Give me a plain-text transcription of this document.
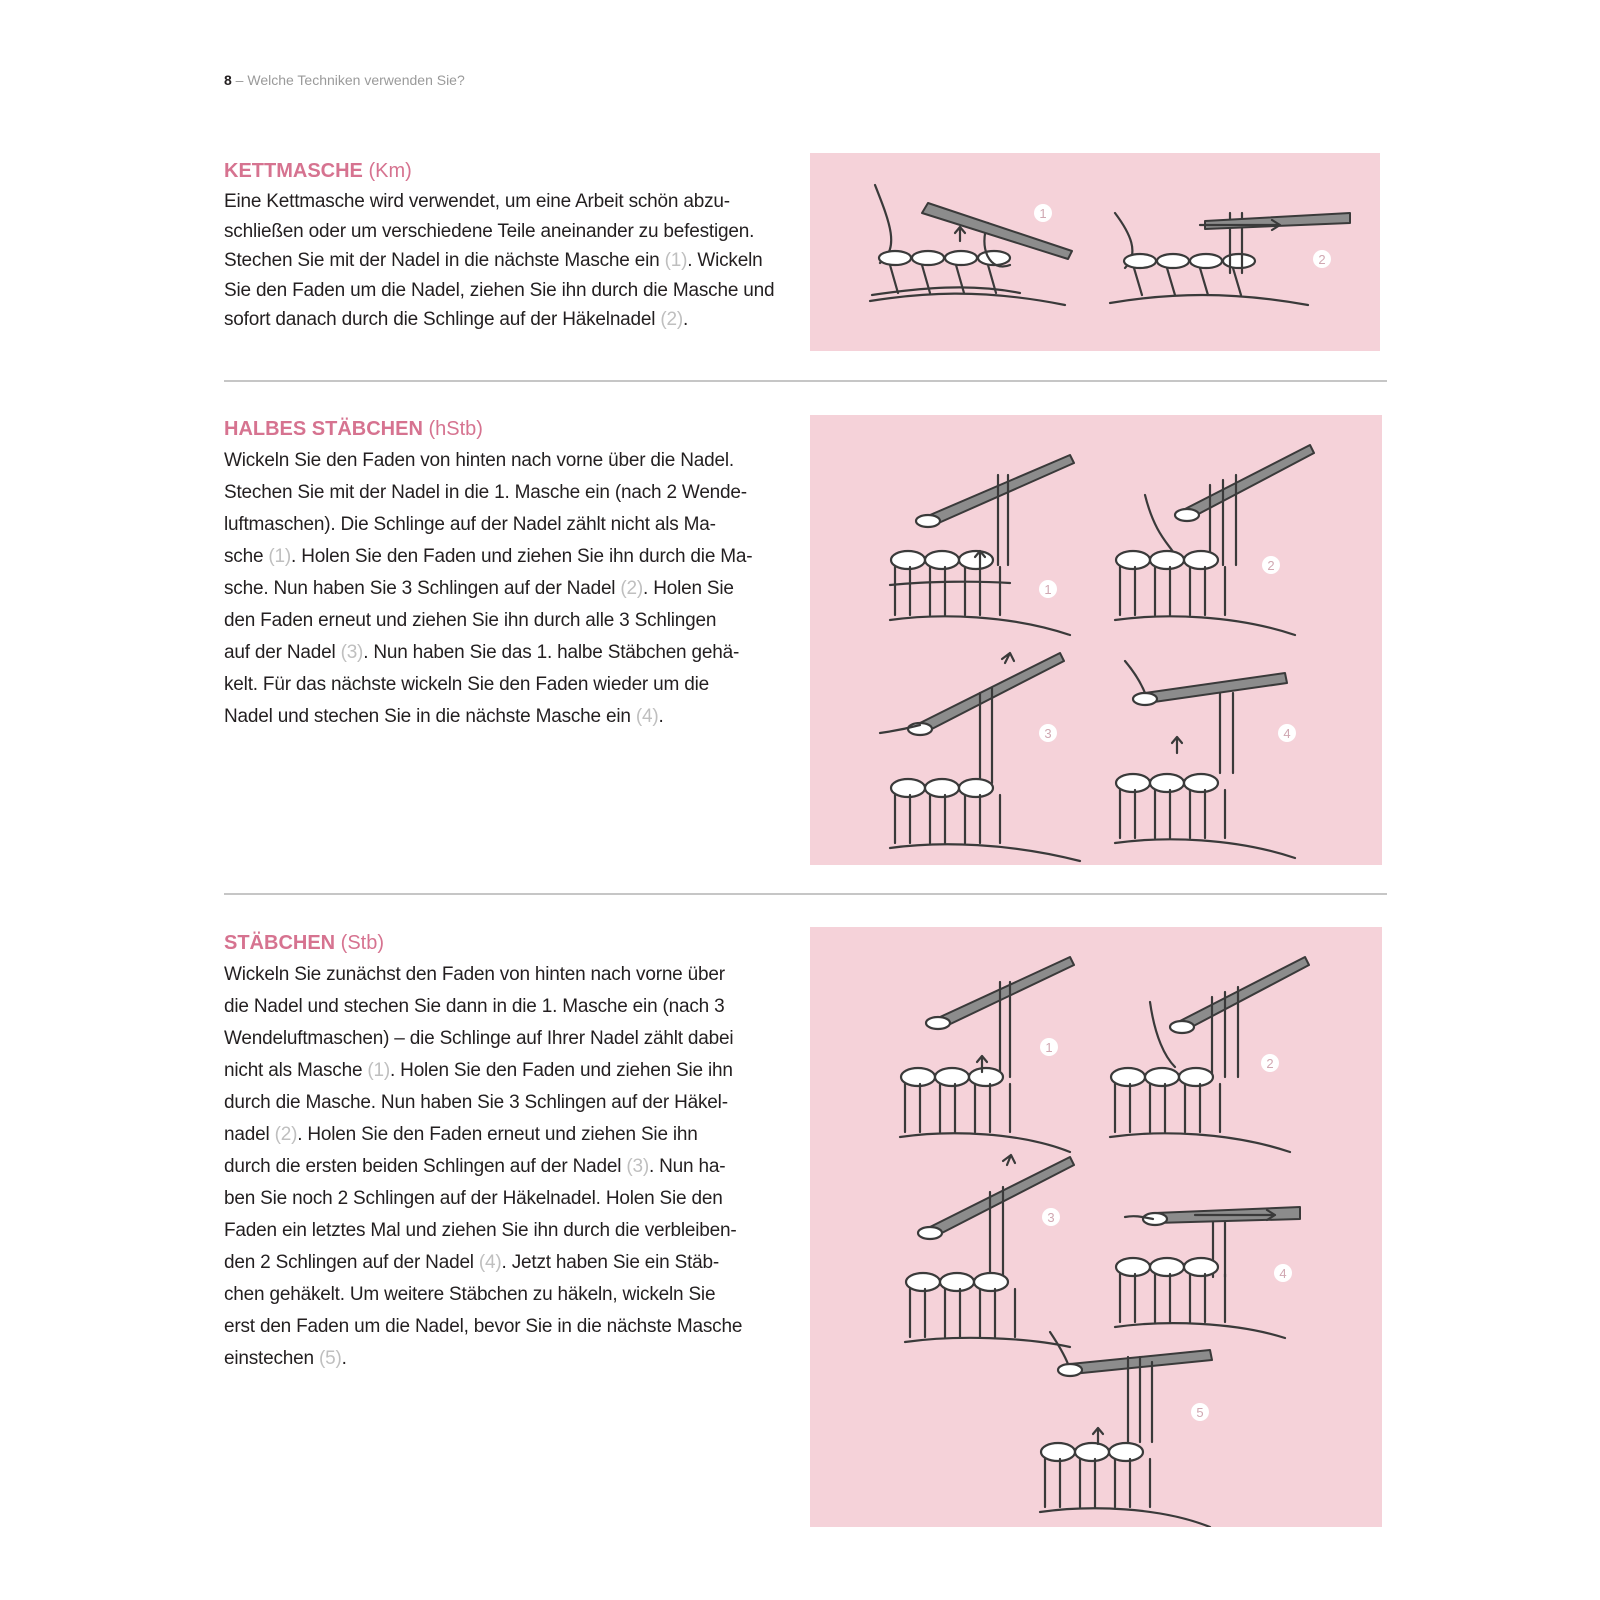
8 – Welche Techniken verwenden Sie?
KETTMASCHE (Km)
Eine Kettmasche wird verwendet, um eine Arbeit schön abzu-
schließen oder um verschiedene Teile aneinander zu befestigen.
Stechen Sie mit der Nadel in die nächste Masche ein (1). Wickeln
Sie den Faden um die Nadel, ziehen Sie ihn durch die Masche und
sofort danach durch die Schlinge auf der Häkelnadel (2).
1
2
HALBES STÄBCHEN (hStb)
Wickeln Sie den Faden von hinten nach vorne über die Nadel.
Stechen Sie mit der Nadel in die 1. Masche ein (nach 2 Wende-
luftmaschen). Die Schlinge auf der Nadel zählt nicht als Ma-
sche (1). Holen Sie den Faden und ziehen Sie ihn durch die Ma-
sche. Nun haben Sie 3 Schlingen auf der Nadel (2). Holen Sie
den Faden erneut und ziehen Sie ihn durch alle 3 Schlingen
auf der Nadel (3). Nun haben Sie das 1. halbe Stäbchen gehä-
kelt. Für das nächste wickeln Sie den Faden wieder um die
Nadel und stechen Sie in die nächste Masche ein (4).
1
2
3	4
STÄBCHEN (Stb)
Wickeln Sie zunächst den Faden von hinten nach vorne über
die Nadel und stechen Sie dann in die 1. Masche ein (nach 3
Wendeluftmaschen) – die Schlinge auf Ihrer Nadel zählt dabei
nicht als Masche (1). Holen Sie den Faden und ziehen Sie ihn
durch die Masche. Nun haben Sie 3 Schlingen auf der Häkel-
nadel (2). Holen Sie den Faden erneut und ziehen Sie ihn
durch die ersten beiden Schlingen auf der Nadel (3). Nun ha-
ben Sie noch 2 Schlingen auf der Häkelnadel. Holen Sie den
Faden ein letztes Mal und ziehen Sie ihn durch die verbleiben-
den 2 Schlingen auf der Nadel (4). Jetzt haben Sie ein Stäb-
chen gehäkelt. Um weitere Stäbchen zu häkeln, wickeln Sie
erst den Faden um die Nadel, bevor Sie in die nächste Masche
einstechen (5).
1
2
3
4
5
